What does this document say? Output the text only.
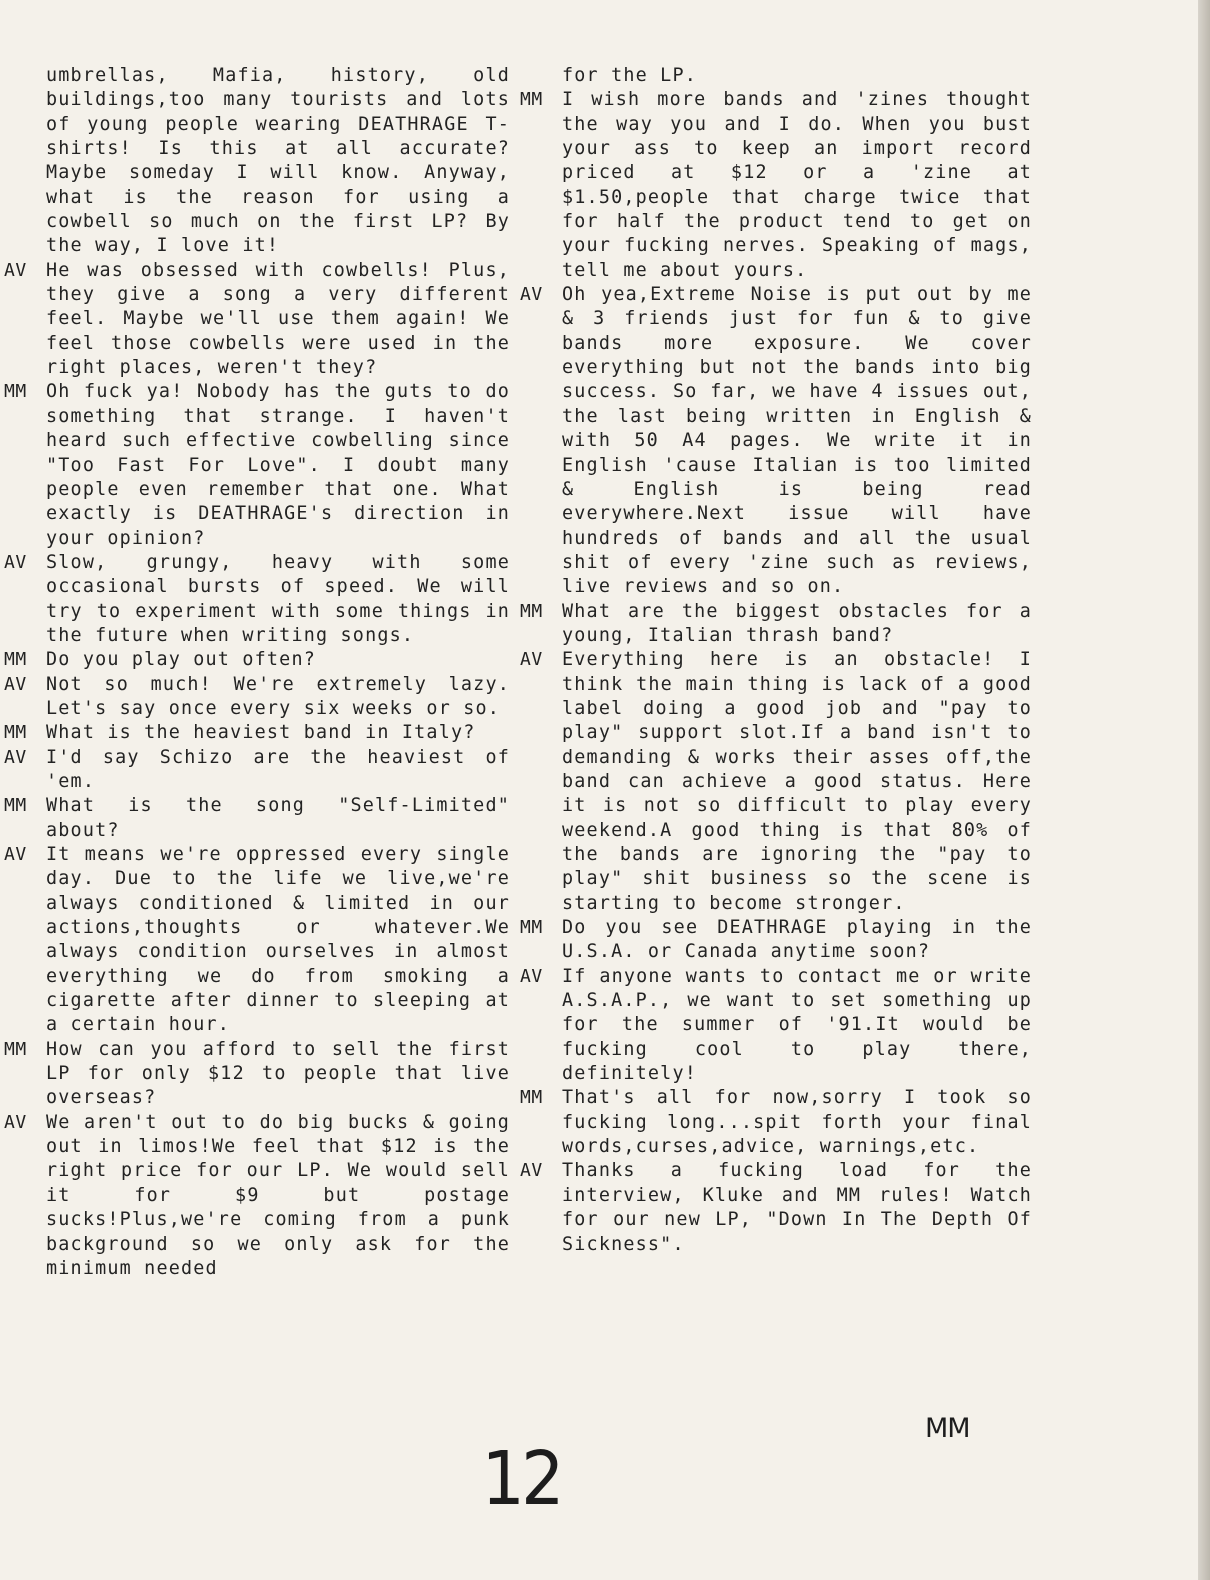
umbrellas, Mafia, history, old buildings,too many tourists and lots of young people wearing DEATHRAGE T-shirts! Is this at all accurate? Maybe someday I will know. Anyway, what is the reason for using a cowbell so much on the first LP? By the way, I love it!
AV	He was obsessed with cowbells! Plus, they give a song a very different feel. Maybe we'll use them again! We feel those cowbells were used in the right places, weren't they?
MM	Oh fuck ya! Nobody has the guts to do something that strange. I haven't heard such effective cowbelling since "Too Fast For Love". I doubt many people even remember that one. What exactly is DEATHRAGE's direction in your opinion?
AV	Slow, grungy, heavy with some occasional bursts of speed. We will try to experiment with some things in the future when writing songs.
MM	Do you play out often?
AV	Not so much! We're extremely lazy. Let's say once every six weeks or so.
MM	What is the heaviest band in Italy?
AV	I'd say Schizo are the heaviest of 'em.
MM	What is the song "Self-Limited" about?
AV	It means we're oppressed every single day. Due to the life we live,we're always conditioned & limited in our actions,thoughts or whatever.We always condition ourselves in almost everything we do from smoking a cigarette after dinner to sleeping at a certain hour.
MM	How can you afford to sell the first LP for only $12 to people that live overseas?
AV	We aren't out to do big bucks & going out in limos!We feel that $12 is the right price for our LP. We would sell it for $9 but postage sucks!Plus,we're coming from a punk background so we only ask for the minimum needed
for the LP.
MM	I wish more bands and 'zines thought the way you and I do. When you bust your ass to keep an import record priced at $12 or a 'zine at $1.50,people that charge twice that for half the product tend to get on your fucking nerves. Speaking of mags, tell me about yours.
AV	Oh yea,Extreme Noise is put out by me & 3 friends just for fun & to give bands more exposure. We cover everything but not the bands into big success. So far, we have 4 issues out, the last being written in English & with 50 A4 pages. We write it in English 'cause Italian is too limited & English is being read everywhere.Next issue will have hundreds of bands and all the usual shit of every 'zine such as reviews, live reviews and so on.
MM	What are the biggest obstacles for a young, Italian thrash band?
AV	Everything here is an obstacle! I think the main thing is lack of a good label doing a good job and "pay to play" support slot.If a band isn't to demanding & works their asses off,the band can achieve a good status. Here it is not so difficult to play every weekend.A good thing is that 80% of the bands are ignoring the "pay to play" shit business so the scene is starting to become stronger.
MM	Do you see DEATHRAGE playing in the U.S.A. or Canada anytime soon?
AV	If anyone wants to contact me or write A.S.A.P., we want to set something up for the summer of '91.It would be fucking cool to play there, definitely!
MM	That's all for now,sorry I took so fucking long...spit forth your final words,curses,advice, warnings,etc.
AV	Thanks a fucking load for the interview, Kluke and MM rules! Watch for our new LP, "Down In The Depth Of Sickness".
MM
12
